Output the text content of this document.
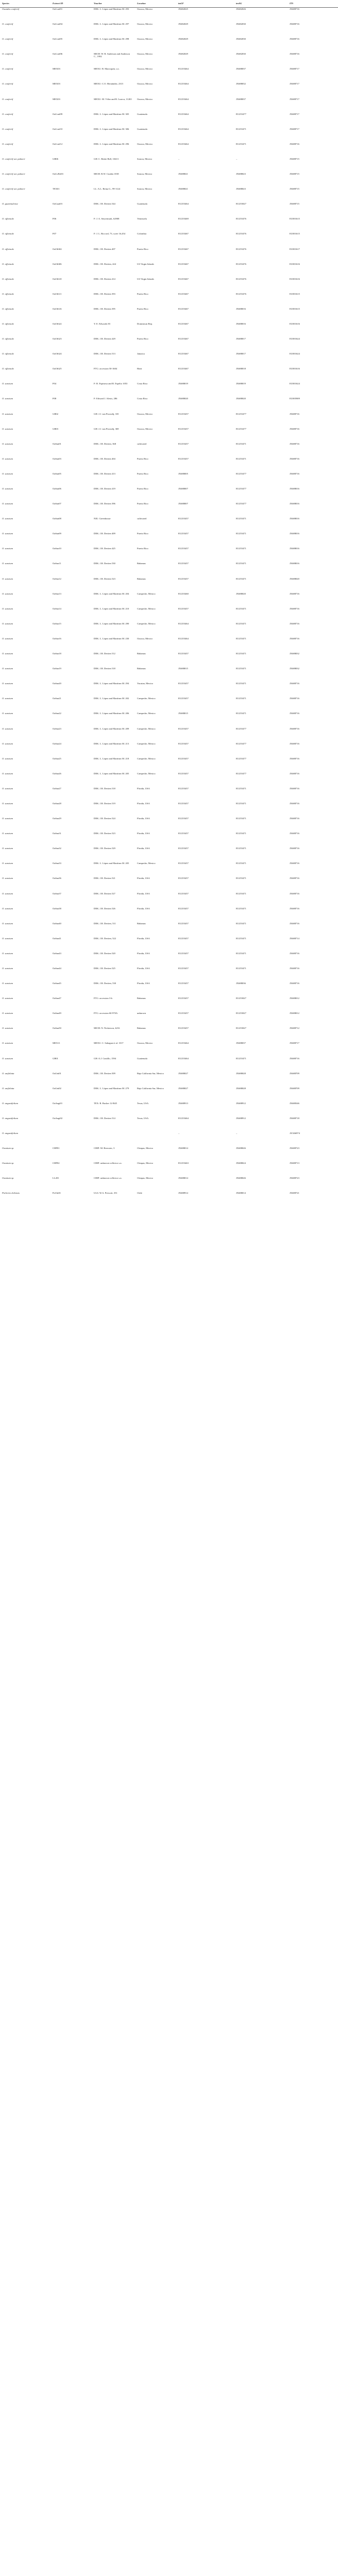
Species	Extract ID	Voucher	Location	tmLF	trnSG	ITS
Oxandra confertif	OaConf01	DEK. L. López and Martínez M. 293	Oaxaca, Mexico	JX682025	JX682026	JX688716
O. confertif	OaConf04	DEK. L. López and Martínez M. 297	Oaxaca, Mexico	JX682029	JX682030	JX688716
O. confertif	OaConf05	DEK. L. López and Martínez M. 298	Oaxaca, Mexico	JX682029	JX682030	JX688716
O. confertif	OaConf06	MICH. W. R. Anderson and Anderson C., 1992	Oaxaca, Mexico	JX682029	JX682030	JX688716
O. confertif	MEX03	MEXU: R. Marroquín, s.n.	Oaxaca, Mexico	EU255464	JX688037	JX688717
O. confertif	MEX03	MEXU: C.O. Hernández, 2315	Oaxaca, Mexico	EU255464	JX688032	JX688717
O. confertif	MEX03	MEXU: M. Vélez and R. Loarca, 11265	Oaxaca, Mexico	EU255464	JX688037	JX688717
O. confertif	OaConf09	DEK. L. López and Martínez M. 305	Guatemala	EU255464	EU255477	JX688717
O. confertif	OaConf10	DEK. L. López and Martínez M. 306	Guatemala	EU255464	EU255471	JX688717
O. confertif	OaConf12	DEK. L. López and Martínez M. 296	Oaxaca, Mexico	EU255464	EU255471	JX688716
O. confertif var. palmeri	GB06	GH: C. Bettie Bell, 10413	Sonora, Mexico	–	–	JX688715
O. confertif var. palmeri	OaCoPal01	MICH. R.W. Cruden 1818	Sonora, Mexico	JX688021	JX688023	JX688715
O. confertif var. palmeri	TEX01	LL: A.L. Reina G., 99-1124	Sonora, Mexico	JX688021	JX688023	JX688715
O. guatemalense	OaGuat03	DEK. J.R. Dertien 544	Guatemala	EU255464	EU255027	JX688715
O. officinale	F06	F: J. A. Steyermark, 62908	Venezuela	EU255469	EU255476	EU001615
O. officinale	F07	F: J. L. Riccord, 73, scree 16,454	Colombia	EU255467	EU255476	EU001615
O. officinale	OaOffi04	DEK. J.R. Dertien 407	Puerto Rico	EU255467	EU255476	EU001617
O. officinale	OaOffi06	DEK. J.R. Dertien, 424	US Virgin Islands	EU255467	EU255476	EU001616
O. officinale	OaOffi10	DEK. J.R. Dertien 414	US Virgin Islands	EU255467	EU255476	EU001616
O. officinale	OaOffi11	DEK. J.R. Dertien 393	Puerto Rico	EU255467	EU255476	EU001615
O. officinale	OaOffi16	DEK. J.R. Dertien 395	Puerto Rico	EU255467	JX688016	EU001615
O. officinale	OaOffi22	Y. E. Edwards 83	Dominican Rep.	EU255467	JX688016	EU001616
O. officinale	OaOffi23	DEK. J.R. Dertien 429	Puerto Rico	EU255467	JX688017	EU001624
O. officinale	OaOffi24	DEK. J.R. Dertien 513	Jamaica	EU255467	JX688017	EU001624
O. officinale	OaOffi25	FTG: accession 50-1604	Haiti	EU255467	JX688018	EU001616
O. sanctum	F04	F: R. Espinosa and R. Espelio 1053	Costa Rica	JX688019	JX688019	EU001624
O. sanctum	F08	F: Edward J. Alexis, 286	Costa Rica	JX688020	JX688020	EU005909
O. sanctum	GB02	GH: J.J. van Proosdij, 335	Oaxaca, Mexico	EU255457	EU255477	JX688716
O. sanctum	GB03	GH: J.J. van Proosdij, 369	Oaxaca, Mexico	EU255457	EU255477	JX688716
O. sanctum	OaSan01	DEK. J.R. Dertien, 368	cultivated	EU255457	EU255471	JX688716
O. sanctum	OaSan03	DEK. J.R. Dertien 404	Puerto Rico	EU255457	EU255471	JX688716
O. sanctum	OaSan05	DEK. J.R. Dertien 413	Puerto Rico	JX688005	EU255477	JX688716
O. sanctum	OaSan06	DEK. J.R. Dertien 419	Puerto Rico	JX688007	EU255477	JX688016
O. sanctum	OaSan07	DEK. J.R. Dertien 396	Puerto Rico	JX688007	EU255477	JX688016
O. sanctum	OaSan08	NIU: Greenhouse	cultivated	EU255457	EU255471	JX688016
O. sanctum	OaSan09	DEK. J.R. Dertien 409	Puerto Rico	EU255457	EU255471	JX688016
O. sanctum	OaSan10	DEK. J.R. Dertien 425	Puerto Rico	EU255457	EU255471	JX688016
O. sanctum	OaSan11	DEK. J.R. Dertien 530	Bahamas	EU255457	EU255471	JX688016
O. sanctum	OaSan12	DEK. J.R. Dertien 523	Bahamas	EU255457	EU255471	JX688020
O. sanctum	OaSan13	DEK. L. López and Martínez M. 204	Campeche, Mexico	EU255460	JX688020	JX688716
O. sanctum	OaSan14	DEK. L. López and Martínez M. 210	Campeche, Mexico	EU255457	EU255471	JX688716
O. sanctum	OaSan15	DEK. L. López and Martínez M. 290	Campeche, Mexico	EU255464	EU255471	JX688716
O. sanctum	OaSan16	DEK. L. López and Martínez M. 230	Oaxaca, Mexico	EU255464	EU255471	JX688716
O. sanctum	OaSan18	DEK. J.R. Dertien 512	Bahamas	EU255457	EU255471	JX688032
O. sanctum	OaSan19	DEK. J.R. Dertien 518	Bahamas	JX688015	EU255471	JX688032
O. sanctum	OaSan20	DEK. L. López and Martínez M. 294	Yucatan, Mexico	EU255457	EU255471	JX688716
O. sanctum	OaSan21	DEK. L. López and Martínez M. 202	Campeche, Mexico	EU255457	EU255471	JX688716
O. sanctum	OaSan22	DEK. L. López and Martínez M. 206	Campeche, Mexico	JX688015	EU255471	JX688716
O. sanctum	OaSan23	DEK. L. López and Martínez M. 209	Campeche, Mexico	EU255457	EU255477	JX688716
O. sanctum	OaSan24	DEK. L. López and Martínez M. 213	Campeche, Mexico	EU255457	EU255477	JX688716
O. sanctum	OaSan25	DEK. L. López and Martínez M. 218	Campeche, Mexico	EU255457	EU255477	JX688716
O. sanctum	OaSan26	DEK. L. López and Martínez M. 205	Campeche, Mexico	EU255457	EU255477	JX688716
O. sanctum	OaSan27	DEK. J.R. Dertien 518	Florida, USA	EU255457	EU255471	JX688716
O. sanctum	OaSan28	DEK. J.R. Dertien 519	Florida, USA	EU255457	EU255471	JX688716
O. sanctum	OaSan29	DEK. J.R. Dertien 524	Florida, USA	EU255457	EU255471	JX688716
O. sanctum	OaSan31	DEK. J.R. Dertien 523	Florida, USA	EU255457	EU255471	JX688716
O. sanctum	OaSan32	DEK. J.R. Dertien 529	Florida, USA	EU255457	EU255471	JX688716
O. sanctum	OaSan33	DEK. L. López and Martínez M. 205	Campeche, Mexico	EU255457	EU255471	JX688716
O. sanctum	OaSan36	DEK. J.R. Dertien 521	Florida, USA	EU255457	EU255471	JX688716
O. sanctum	OaSan37	DEK. J.R. Dertien 527	Florida, USA	EU255457	EU255471	JX688716
O. sanctum	OaSan38	DEK. J.R. Dertien 526	Florida, USA	EU255457	EU255471	JX688716
O. sanctum	OaSan40	DEK. J.R. Dertien, 511	Bahamas	EU255457	EU255471	JX688716
O. sanctum	OaSan41	DEK. J.R. Dertien, 522	Florida, USA	EU255457	EU255471	JX688714
O. sanctum	OaSan43	DEK. J.R. Dertien 520	Florida, USA	EU255457	EU255471	JX688716
O. sanctum	OaSan44	DEK. J.R. Dertien 525	Florida, USA	EU255457	EU255471	JX688716
O. sanctum	OaSan45	DEK. J.R. Dertien, 530	Florida, USA	EU255457	JX688036	JX688716
O. sanctum	OaSan47	FTG: accession 3-b	Bahamas	EU255457	EU255027	JX688012
O. sanctum	OaSan49	FTG: accession 60-970A	unknown	EU255457	EU255027	JX688012
O. sanctum	OaSan50	MICH: N. Nickerson, 4216	Bahamas	EU255457	EU255027	JX688712
O. sanctum	MEX11	MEXU: C. Sahagun et al. 1017	Oaxaca, Mexico	EU255464	JX688037	JX688717
O. sanctum	GB01	GH: A.J. Castillo, 1594	Guatemala	EU255464	EU255471	JX688716
O. unifoliata	OaUni01	DEK. J.R. Dertien 509	Baja California Sur, Mexico	JX688027	JX688028	JX688709
O. unifoliata	OaUni02	DEK. L. López and Martínez M. 279	Baja California Sur, Mexico	JX688027	JX688028	JX688709
O. angustifolium	OaAngi01	TEX: R. Rucker 12-R45	Texas, USA	JX688913	JX688912	JX688346
O. angustifolium	OaAngi02	DEK. J.R. Dertien 514	Texas, USA	EU255464	JX688912	JX688718
O. angustifolium				–	–	AY266974
Oxanium sp.	CHP01	CHIP: M. Brewster, 3	Chiapas, Mexico	JX688014	JX688026	JX688723
Oxanium sp.	CHP02	CHIP: unknown collector s.n.	Chiapas, Mexico	EU255463	JX688024	JX688713
Oxanium sp.	LL201	CHIP: unknown collector s.n.	Chiapas, Mexico	JX688014	JX688026	JX688723
Porlieria chilensis	PoChi01	ULS: W.A. Prescott, 351	Chile	JX688914	JX688014	JX688721
